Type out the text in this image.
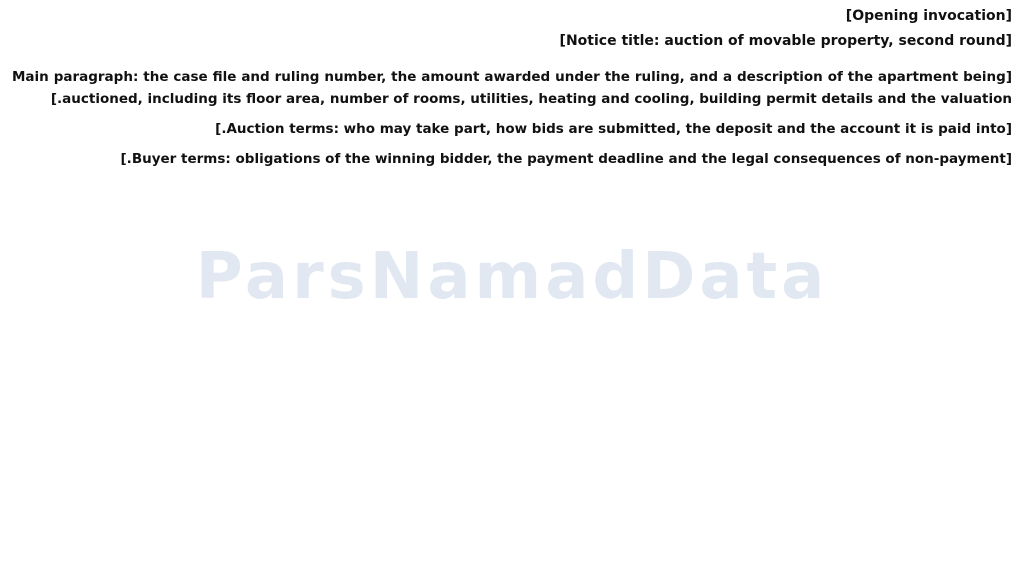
[Opening invocation]

[Notice title: auction of movable property, second round]

[Main paragraph: the case file and ruling number, the amount awarded under the ruling, and a description of the apartment being auctioned, including its floor area, number of rooms, utilities, heating and cooling, building permit details and the valuation.]

[Auction terms: who may take part, how bids are submitted, the deposit and the account it is paid into.]

[Buyer terms: obligations of the winning bidder, the payment deadline and the legal consequences of non-payment.]

ParsNamadData
